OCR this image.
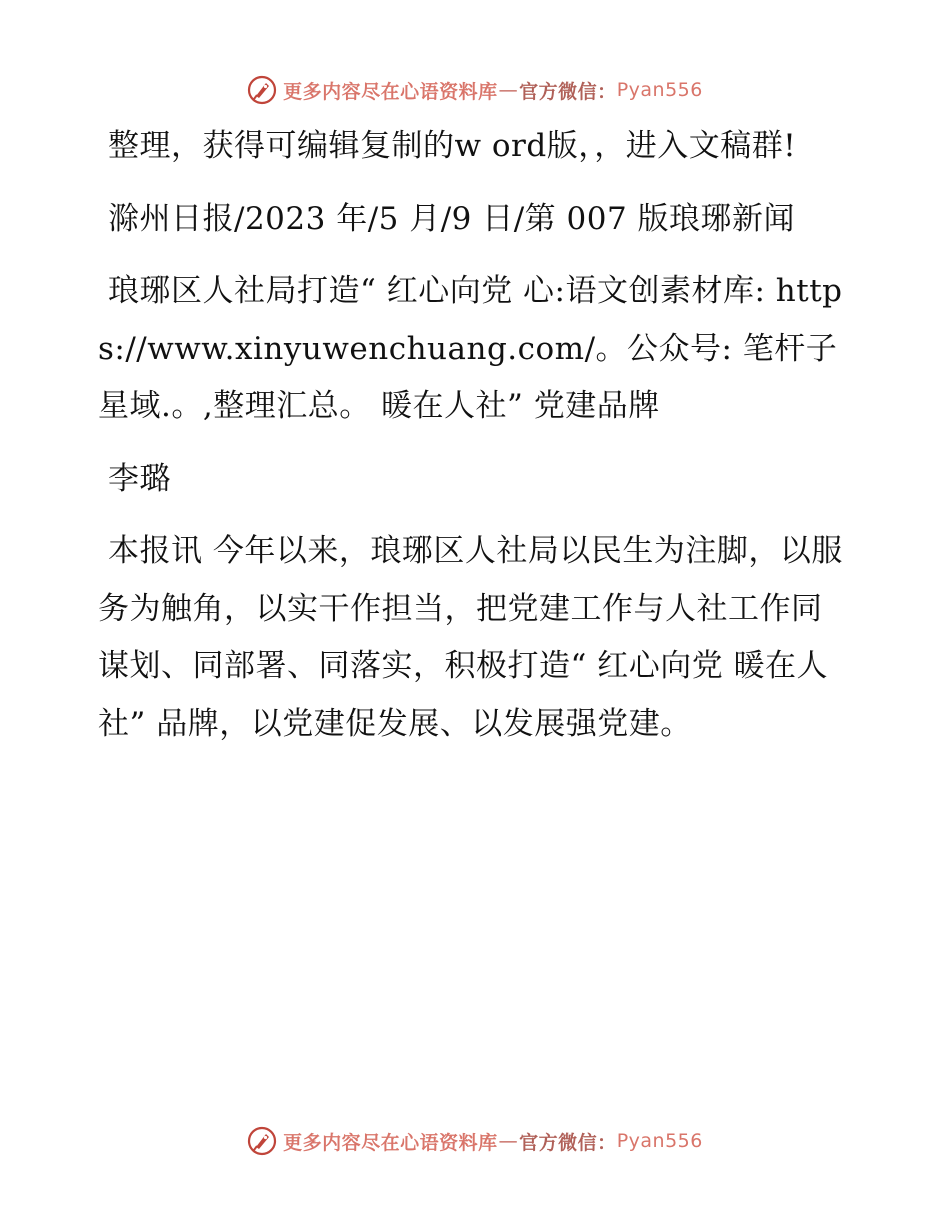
更多内容尽在心语资料库 — 官方微信： Pyan556

整理，获得可编辑复制的w ord版，，进入文稿群!

滁州日报/2023 年/5 月/9 日/第 007 版琅琊新闻

琅琊区人社局打造“ 红心向党 心:语文创素材库: https://www.xinyuwenchuang.com/。公众号: 笔杆子星域.。,整理汇总。 暖在人社” 党建品牌

李璐

本报讯 今年以来，琅琊区人社局以民生为注脚，以服务为触角，以实干作担当，把党建工作与人社工作同谋划、同部署、同落实，积极打造“ 红心向党 暖在人社” 品牌，以党建促发展、以发展强党建。

更多内容尽在心语资料库 — 官方微信： Pyan556
